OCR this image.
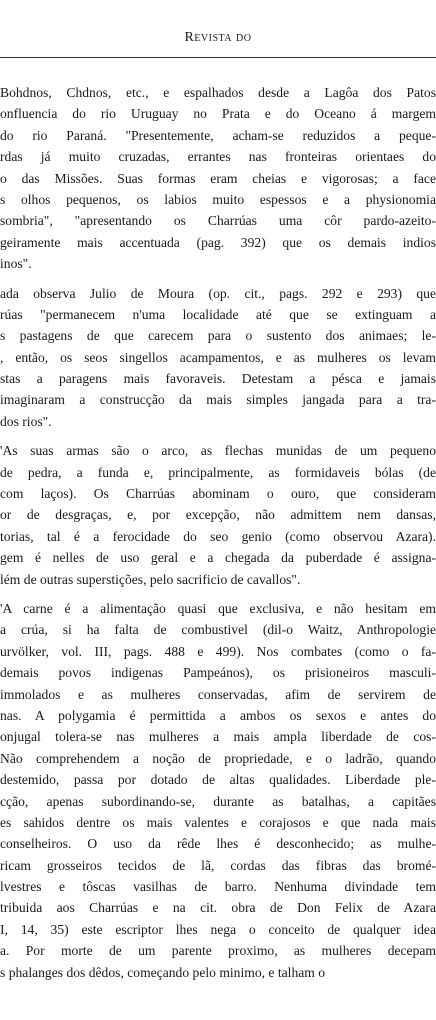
Revista do
Bohdnos, Chdnos, etc., e espalhados desde a Lagôa dos Patos
onfluencia do rio Uruguay no Prata e do Oceano á margem
do rio Paraná. "Presentemente, acham-se reduzidos a peque-
rdas já muito cruzadas, errantes nas fronteiras orientaes do
o das Missões. Suas formas eram cheias e vigorosas; a face
s olhos pequenos, os labios muito espessos e a physionomia
sombria", "apresentando os Charrúas uma côr pardo-azeito-
geiramente mais accentuada (pag. 392) que os demais indios
inos".
ada observa Julio de Moura (op. cit., pags. 292 e 293) que
rúas "permanecem n'uma localidade até que se extinguam a
s pastagens de que carecem para o sustento dos animaes; le-
, então, os seos singellos acampamentos, e as mulheres os levam
stas a paragens mais favoraveis. Detestam a pésca e jamais
imaginaram a construcção da mais simples jangada para a tra-
dos rios".
'As suas armas são o arco, as flechas munidas de um pequeno
de pedra, a funda e, principalmente, as formidaveis bólas (de
com laços). Os Charrúas abominam o ouro, que consideram
or de desgraças, e, por excepção, não admittem nem dansas,
torias, tal é a ferocidade do seo genio (como observou Azara).
gem é nelles de uso geral e a chegada da puberdade é assigna-
lém de outras superstições, pelo sacrificio de cavallos".
'A carne é a alimentação quasi que exclusiva, e não hesitam em
a crúa, si ha falta de combustivel (dil-o Waitz, Anthropologie
urvölker, vol. III, pags. 488 e 499). Nos combates (como o fa-
demais povos indigenas Pampeános), os prisioneiros masculi-
immolados e as mulheres conservadas, afim de servirem de
nas. A polygamia é permittida a ambos os sexos e antes do
onjugal tolera-se nas mulheres a mais ampla liberdade de cos-
Não comprehendem a noção de propriedade, e o ladrão, quando
destemido, passa por dotado de altas qualidades. Liberdade ple-
cção, apenas subordinando-se, durante as batalhas, a capitães
es sahidos dentre os mais valentes e corajosos e que nada mais
conselheiros. O uso da rêde lhes é desconhecido; as mulhe-
ricam grosseiros tecidos de lã, cordas das fibras das bromé-
lvestres e tôscas vasilhas de barro. Nenhuma divindade tem
tribuida aos Charrúas e na cit. obra de Don Felix de Azara
I, 14, 35) este escriptor lhes nega o conceito de qualquer idea
a. Por morte de um parente proximo, as mulheres decepam
s phalanges dos dêdos, começando pelo minimo, e talham o
